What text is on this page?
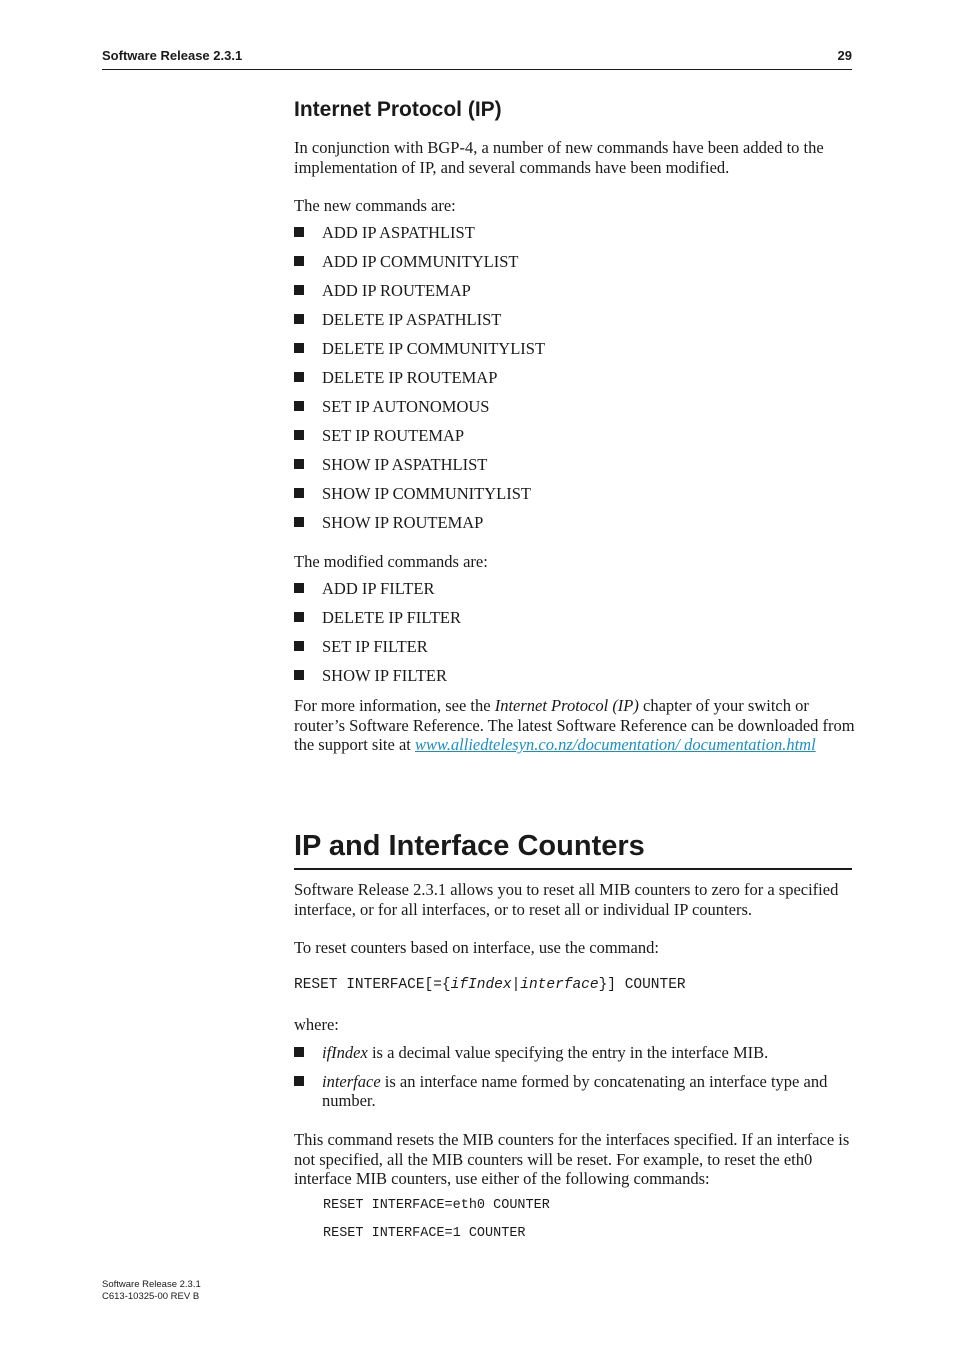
Software Release 2.3.1	29
Internet Protocol (IP)
In conjunction with BGP-4, a number of new commands have been added to the implementation of IP, and several commands have been modified.
The new commands are:
ADD IP ASPATHLIST
ADD IP COMMUNITYLIST
ADD IP ROUTEMAP
DELETE IP ASPATHLIST
DELETE IP COMMUNITYLIST
DELETE IP ROUTEMAP
SET IP AUTONOMOUS
SET IP ROUTEMAP
SHOW IP ASPATHLIST
SHOW IP COMMUNITYLIST
SHOW IP ROUTEMAP
The modified commands are:
ADD IP FILTER
DELETE IP FILTER
SET IP FILTER
SHOW IP FILTER
For more information, see the Internet Protocol (IP) chapter of your switch or router’s Software Reference. The latest Software Reference can be downloaded from the support site at www.alliedtelesyn.co.nz/documentation/ documentation.html
IP and Interface Counters
Software Release 2.3.1 allows you to reset all MIB counters to zero for a specified interface, or for all interfaces, or to reset all or individual IP counters.
To reset counters based on interface, use the command:
RESET INTERFACE[={ifIndex|interface}] COUNTER
where:
ifIndex is a decimal value specifying the entry in the interface MIB.
interface is an interface name formed by concatenating an interface type and number.
This command resets the MIB counters for the interfaces specified. If an interface is not specified, all the MIB counters will be reset. For example, to reset the eth0 interface MIB counters, use either of the following commands:
RESET INTERFACE=eth0 COUNTER
RESET INTERFACE=1 COUNTER
Software Release 2.3.1
C613-10325-00 REV B
